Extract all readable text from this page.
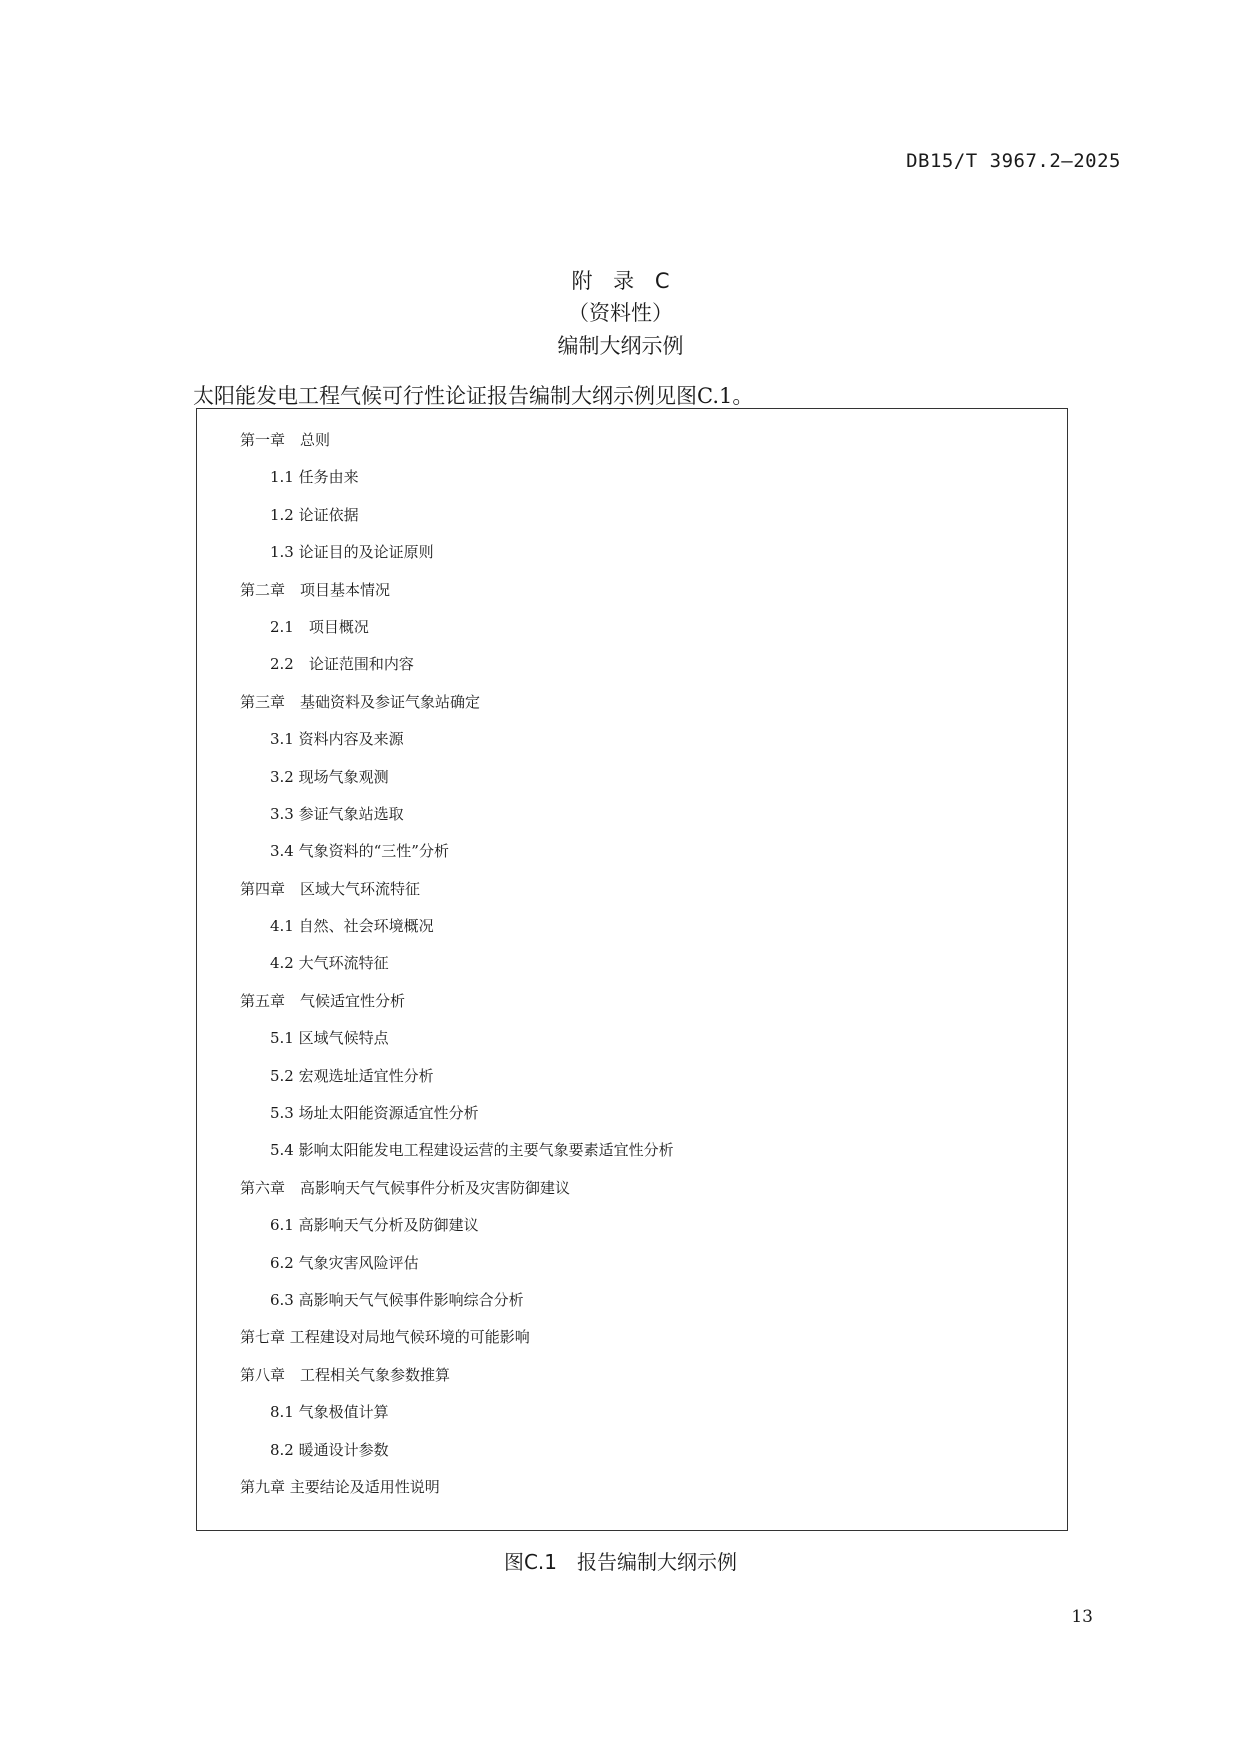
DB15/T 3967.2—2025
附 录 C
（资料性）
编制大纲示例
太阳能发电工程气候可行性论证报告编制大纲示例见图C.1。
第一章　总则
1.1 任务由来
1.2 论证依据
1.3 论证目的及论证原则
第二章　项目基本情况
2.1　项目概况
2.2　论证范围和内容
第三章　基础资料及参证气象站确定
3.1 资料内容及来源
3.2 现场气象观测
3.3 参证气象站选取
3.4 气象资料的“三性”分析
第四章　区域大气环流特征
4.1 自然、社会环境概况
4.2 大气环流特征
第五章　气候适宜性分析
5.1 区域气候特点
5.2 宏观选址适宜性分析
5.3 场址太阳能资源适宜性分析
5.4 影响太阳能发电工程建设运营的主要气象要素适宜性分析
第六章　高影响天气气候事件分析及灾害防御建议
6.1 高影响天气分析及防御建议
6.2 气象灾害风险评估
6.3 高影响天气气候事件影响综合分析
第七章 工程建设对局地气候环境的可能影响
第八章　工程相关气象参数推算
8.1 气象极值计算
8.2 暖通设计参数
第九章 主要结论及适用性说明
图C.1　报告编制大纲示例
13
